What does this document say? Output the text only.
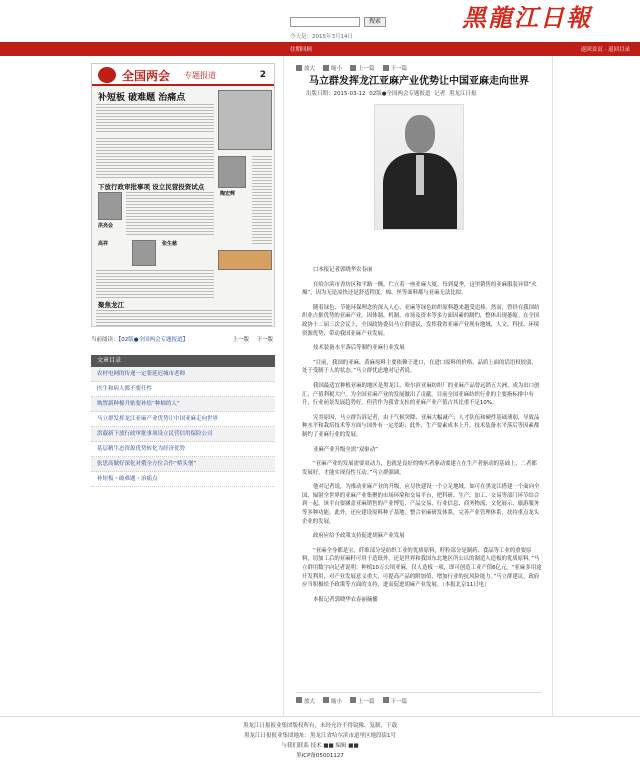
搜索
今天是：2015年3月14日
黑龍江日報
往期回顾	返回首页 · 返回目录
全国两会 专题报道	2
补短板 破难题 治痛点
下放行政审批事项 设立民营投资试点
洪亮会
陶宏辉
高祥	张生慈
聚焦龙江
当前阅读：【02版●全国两会专题报道】	上一版 下一版
文章目录
农村电网的传递一定要延迟城市老师
医生和病人都不要任性
购置新种棉升贴要补给“种棉的人”
马立群发挥龙江亚麻产业优势让中国亚麻走向世界
洪载新下放行政审批事项设立民营信用保险公司
基层精生态资源优势转化为经济优势
张思高做好深化对俄全方位合作“桥头堡”
补短板・破难题・治痛点
放大	缩小	上一篇	下一篇
马立群发挥龙江亚麻产业优势让中国亚麻走向世界
出版日期：2015-03-12 02版●全国两会专题报道 记者 黑龙江日报

口本报记者郭晓华农春丽

在哈尔滨市香坊区和平路一侧，伫立着一座亚麻大厦。每到夏季，这里销售的亚麻服装异常“火爆”，因为无论凉快还是舒适程度，棉、丝等面料都与亚麻无法比拟。

随着绿色、节能环保理念的深入人心，亚麻等绿色纺织原料越来越受追捧。然而，曾经在我国纺织业占据优势的亚麻产业，因体制、机制、市场及资本等多方面因素的制约，整体出现萎缩。在全国政协十二届三次会议上，全国政协委员马立群建议，发挥我省亚麻产业现有地域、人文、科技、环境资源优势，带动我国亚麻产业发展。

技术装备水平落后等制约亚麻行业发展

“目前，我国的亚麻、黄麻原料主要依赖于进口，在进口原料的价格、品质上面的话语权较弱，处于受制于人的状态。”马立群忧虑地对记者说。

我国最适宜种植亚麻的地区是黑龙江，哈尔滨亚麻纺织厂的亚麻产品曾远销五大洲，成为出口创汇、产值利税大户，为全国亚麻产业的发展做出了贡献。目前全国亚麻纺织行业的主要指标排中有升，行业前景发展趋势好，但营作为我省支柱的亚麻产业产值占其比重不足10%。

究其原因，马立群告诉记者，由于气候突降、亚麻大幅减产；人才队伍和硬件基础薄弱，导致品种水平和栽培技术等方面与国外有一定差距；此外，生产要素成本上升，技术装备水平落后等因素都制约了亚麻行业的发展。

亚麻产业升级全需“双驱动”

“亚麻产业的发展需要双动力，也就是良好的购买者驱动要建立在生产者驱动的基础上，二者都发展好，才能实现良性互动。”马立群强调。

他对记者说，为推动亚麻产业的升级，应尽快建设一个立足地域，如可在黑龙江搭建一个面向全国、辐射全世界的亚麻产业集聚的市场环境和交易平台，把科研、生产、加工、交易等部门环节结合到一起。该平台要涵盖亚麻销售的产业博览、产品交易、行业信息、商务物流、文化展示、旅游服务等多种功能。此外，还应建设原料种子基地，整合亚麻研发体系，完善产业管理体系，扶持重点龙头企业的发展。

政府应给予政策支持促进胡麻产业发展

“亚麻全身都是宝，纤维部分是纺织工业的优质原料，籽粒部分是制药、食品等工业的重要原料，切加工后的亚麻籽可用于造纸外，还是世界和我国东北地区所公认的制造人造板的优质原料。”马立群用数字向记者说明：种植10万公顷亚麻，仅人造板一项，即可创造工业产值6亿元。“亚麻多用途开发利用，对产业发展意义重大，可提高产品的附加值，增加行业的抗风险能力。”马立群建议，政府应当积极给予政策等方面的支持，进而促进胡麻产业发展。（本报北京11日电）

本报记者郭晓华农春丽摘播

放大	缩小	上一篇	下一篇
黑龙江日报报业集团版权所有，未经允许不得镜像、复制、下载
黑龙江日报报业集团地址：黑龙江省哈尔滨市道里区地段街1号
与我们联系 技术 ■■ 编辑 ■■
黑ICP备05001127
